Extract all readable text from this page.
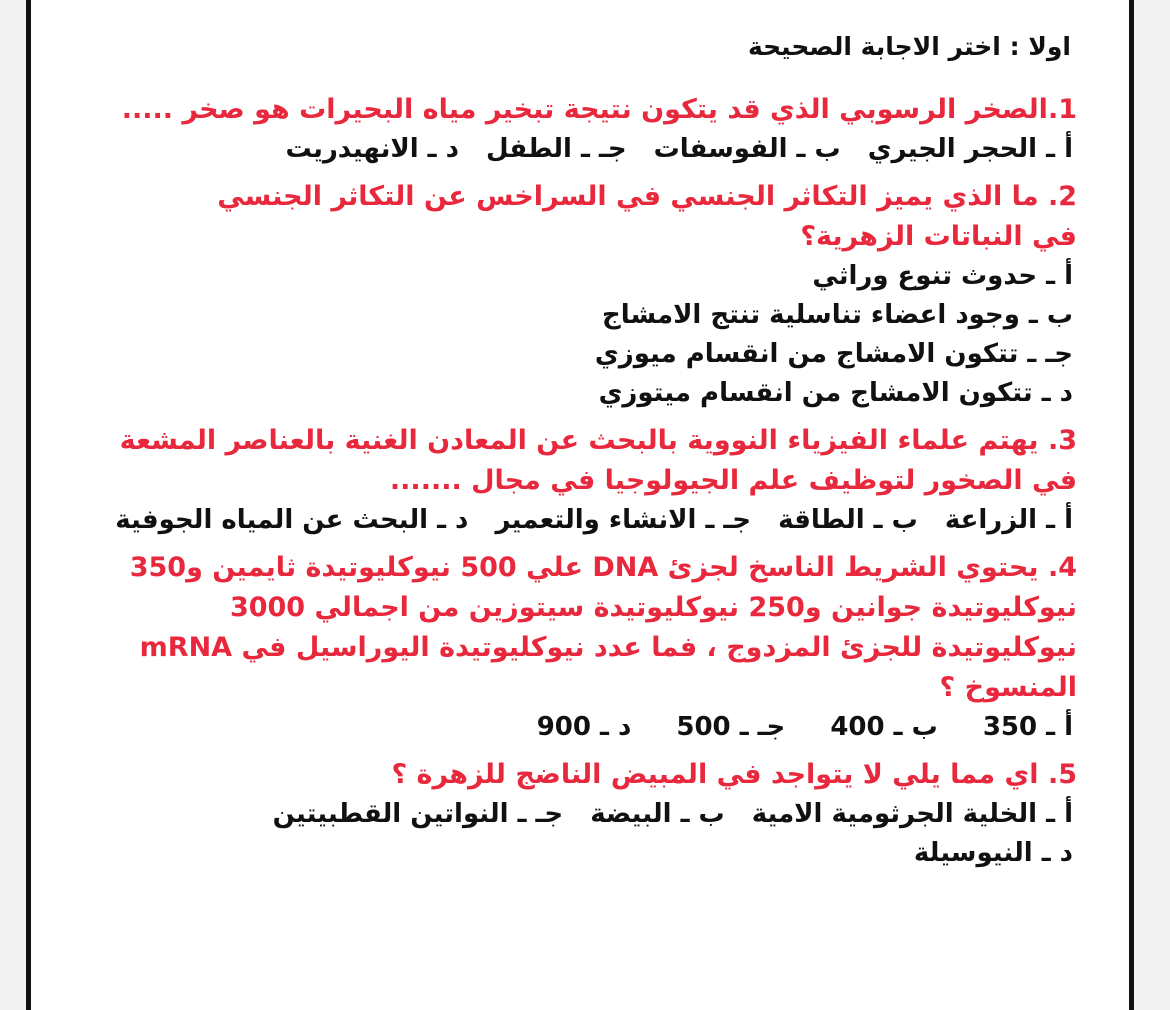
اولا : اختر الاجابة الصحيحة
1.الصخر الرسوبي الذي قد يتكون نتيجة تبخير مياه البحيرات هو صخر .....
أ ـ الحجر الجيري ب ـ الفوسفات جـ ـ الطفل د ـ الانهيدريت
2. ما الذي يميز التكاثر الجنسي في السراخس عن التكاثر الجنسي في النباتات الزهرية؟
أ ـ حدوث تنوع وراثي
ب ـ وجود اعضاء تناسلية تنتج الامشاج
جـ ـ تتكون الامشاج من انقسام ميوزي
د ـ تتكون الامشاج من انقسام ميتوزي
3. يهتم علماء الفيزياء النووية بالبحث عن المعادن الغنية بالعناصر المشعة في الصخور لتوظيف علم الجيولوجيا في مجال .......
أ ـ الزراعة ب ـ الطاقة جـ ـ الانشاء والتعمير د ـ البحث عن المياه الجوفية
4. يحتوي الشريط الناسخ لجزئ DNA علي 500 نيوكليوتيدة ثايمين و350 نيوكليوتيدة جوانين و250 نيوكليوتيدة سيتوزين من اجمالي 3000 نيوكليوتيدة للجزئ المزدوج ، فما عدد نيوكليوتيدة اليوراسيل في mRNA المنسوخ ؟
أ ـ 350 ب ـ 400 جـ ـ 500 د ـ 900
5. اي مما يلي لا يتواجد في المبيض الناضج للزهرة ؟
أ ـ الخلية الجرثومية الامية ب ـ البيضة جـ ـ النواتين القطبيتين د ـ النيوسيلة
